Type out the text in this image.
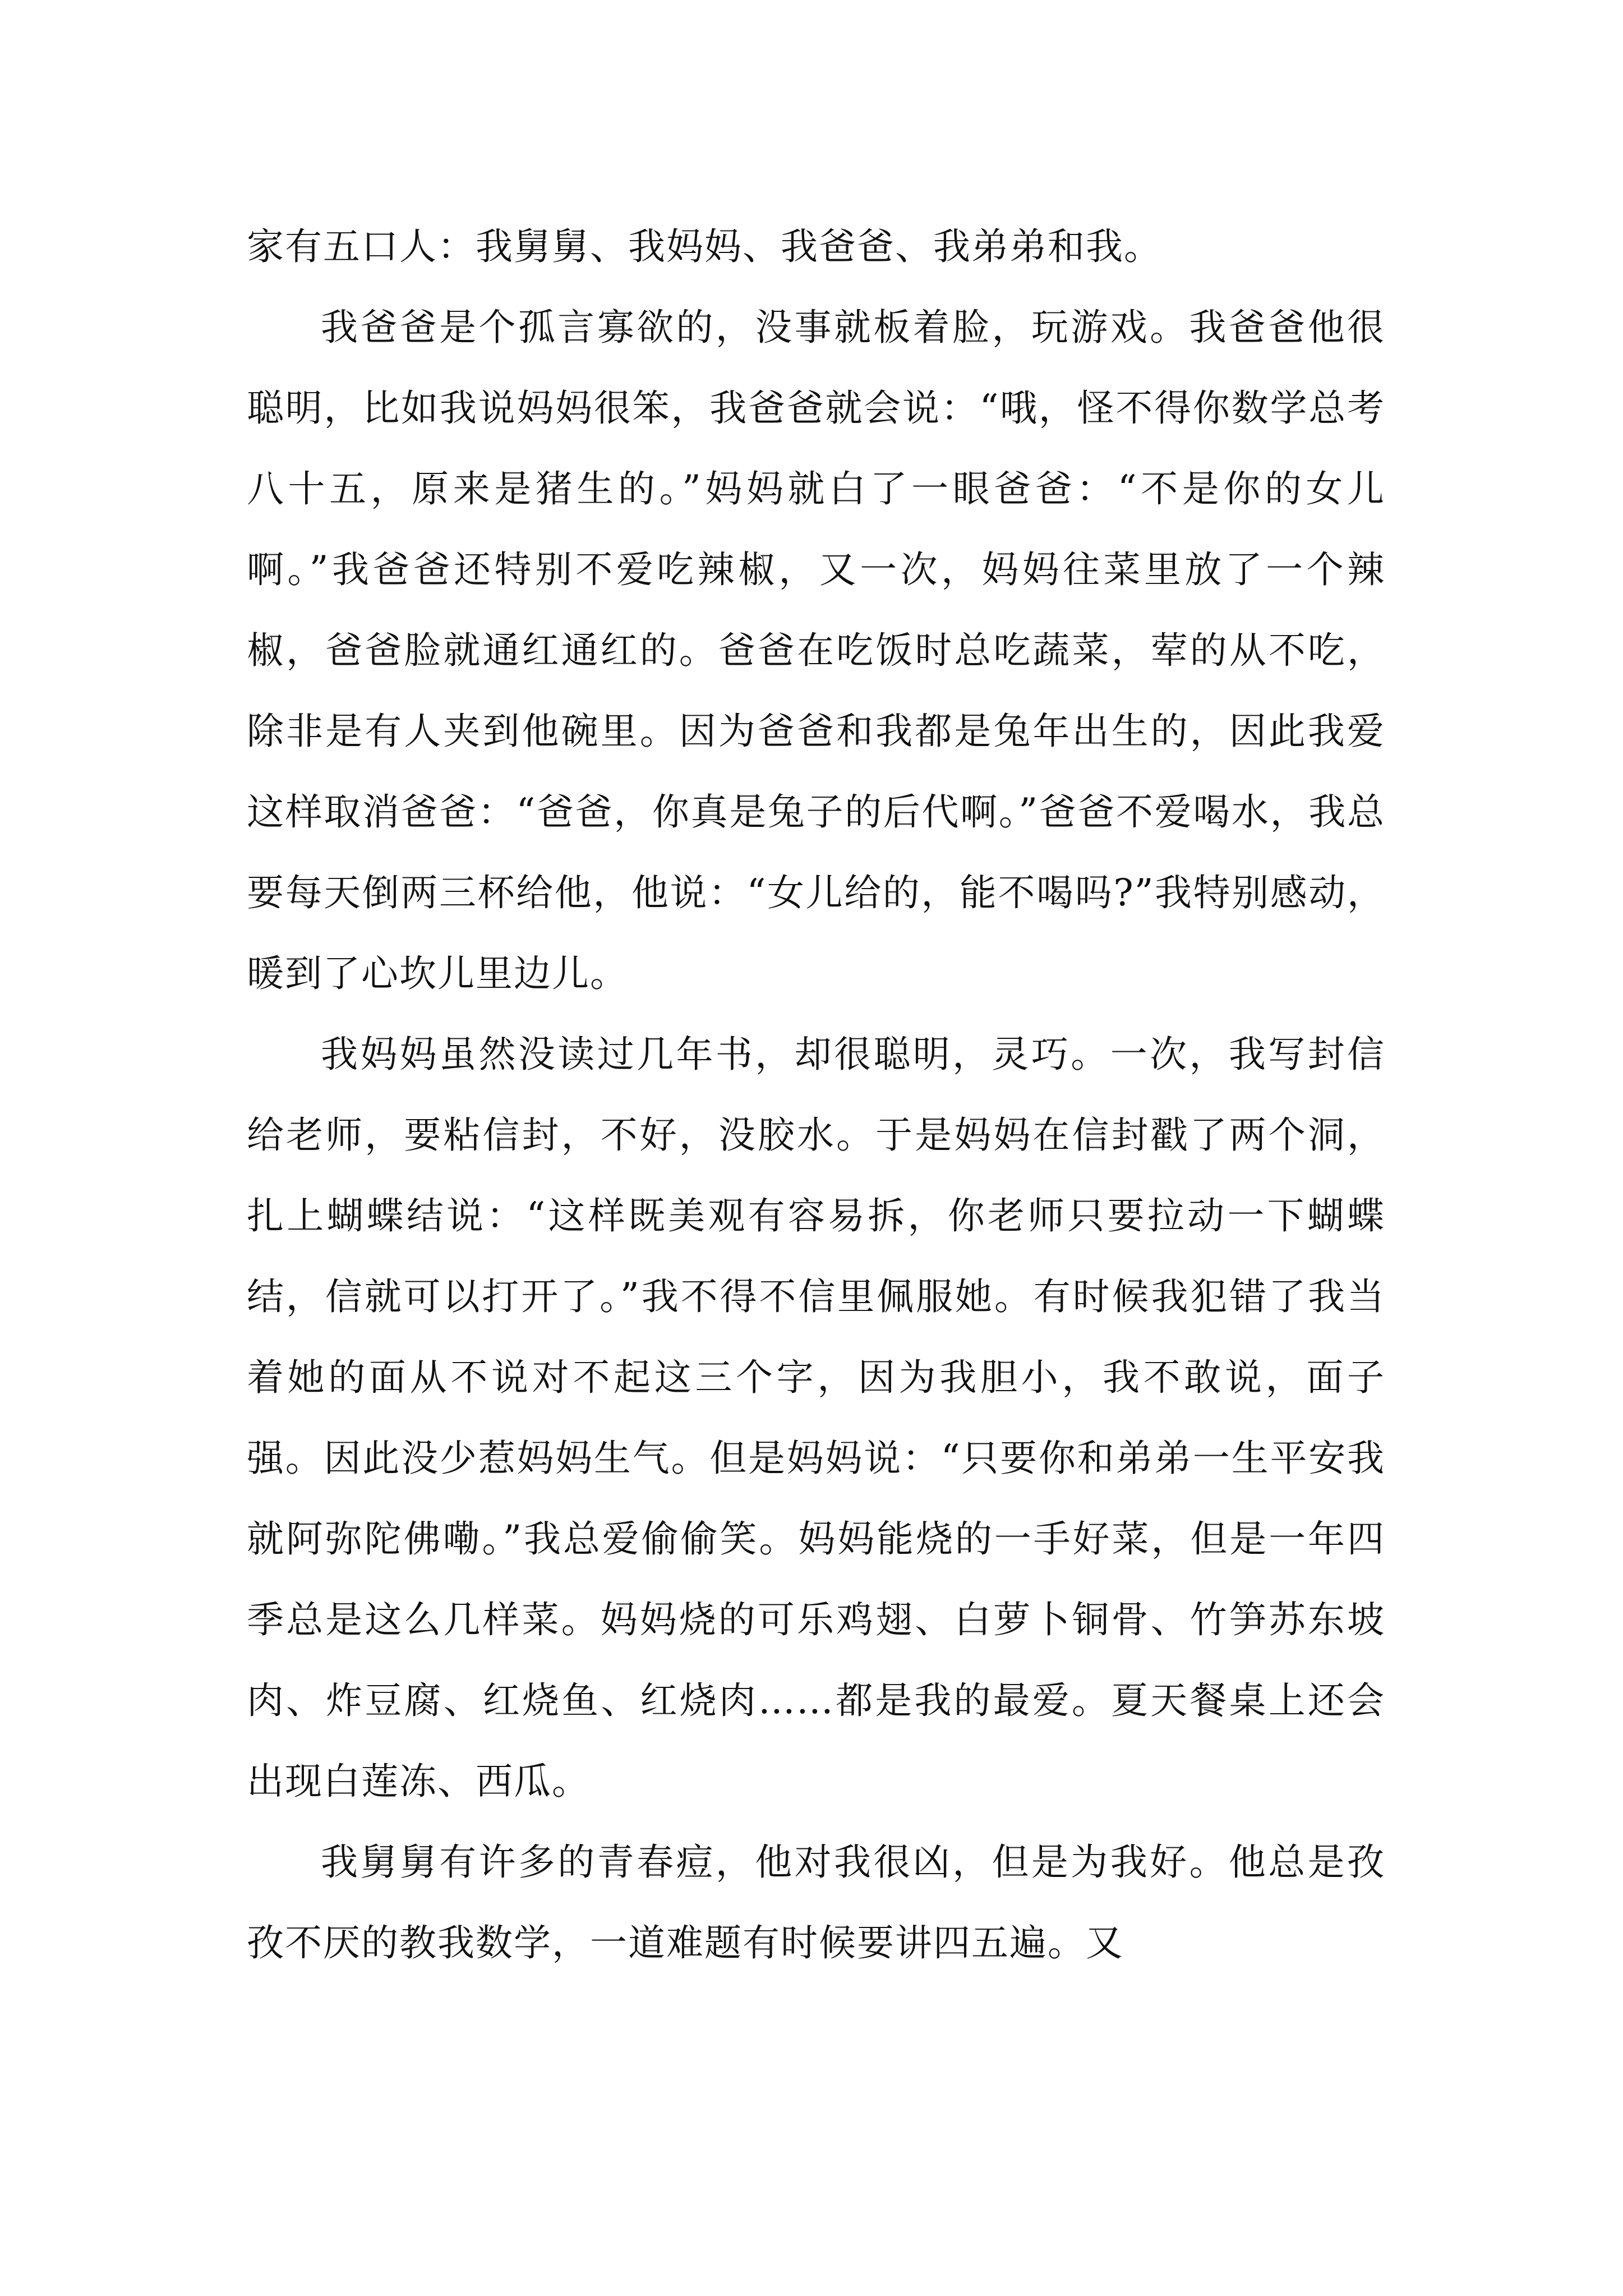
家有五口人：我舅舅、我妈妈、我爸爸、我弟弟和我。

我爸爸是个孤言寡欲的，没事就板着脸，玩游戏。我爸爸他很聪明，比如我说妈妈很笨，我爸爸就会说：“哦，怪不得你数学总考八十五，原来是猪生的。”妈妈就白了一眼爸爸：“不是你的女儿啊。”我爸爸还特别不爱吃辣椒，又一次，妈妈往菜里放了一个辣椒，爸爸脸就通红通红的。爸爸在吃饭时总吃蔬菜，荤的从不吃，除非是有人夹到他碗里。因为爸爸和我都是兔年出生的，因此我爱这样取消爸爸：“爸爸，你真是兔子的后代啊。”爸爸不爱喝水，我总要每天倒两三杯给他，他说：“女儿给的，能不喝吗?”我特别感动，暖到了心坎儿里边儿。

我妈妈虽然没读过几年书，却很聪明，灵巧。一次，我写封信给老师，要粘信封，不好，没胶水。于是妈妈在信封戳了两个洞，扎上蝴蝶结说：“这样既美观有容易拆，你老师只要拉动一下蝴蝶结，信就可以打开了。”我不得不信里佩服她。有时候我犯错了我当着她的面从不说对不起这三个字，因为我胆小，我不敢说，面子强。因此没少惹妈妈生气。但是妈妈说：“只要你和弟弟一生平安我就阿弥陀佛嘞。”我总爱偷偷笑。妈妈能烧的一手好菜，但是一年四季总是这么几样菜。妈妈烧的可乐鸡翅、白萝卜铜骨、竹笋苏东坡肉、炸豆腐、红烧鱼、红烧肉……都是我的最爱。夏天餐桌上还会出现白莲冻、西瓜。

我舅舅有许多的青春痘，他对我很凶，但是为我好。他总是孜孜不厌的教我数学，一道难题有时候要讲四五遍。又
